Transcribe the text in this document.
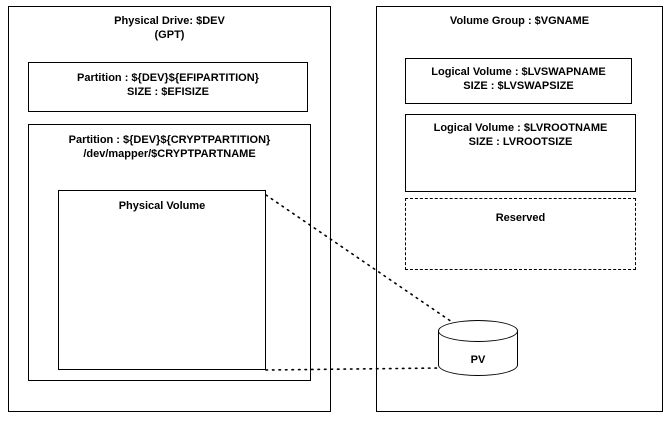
Physical Drive: $DEV
(GPT)
Partition : ${DEV}${EFIPARTITION}
SIZE : $EFISIZE
Partition : ${DEV}${CRYPTPARTITION}
/dev/mapper/$CRYPTPARTNAME
Physical Volume
Volume Group : $VGNAME
Logical Volume : $LVSWAPNAME
SIZE : $LVSWAPSIZE
Logical Volume : $LVROOTNAME
SIZE : LVROOTSIZE
Reserved
PV
